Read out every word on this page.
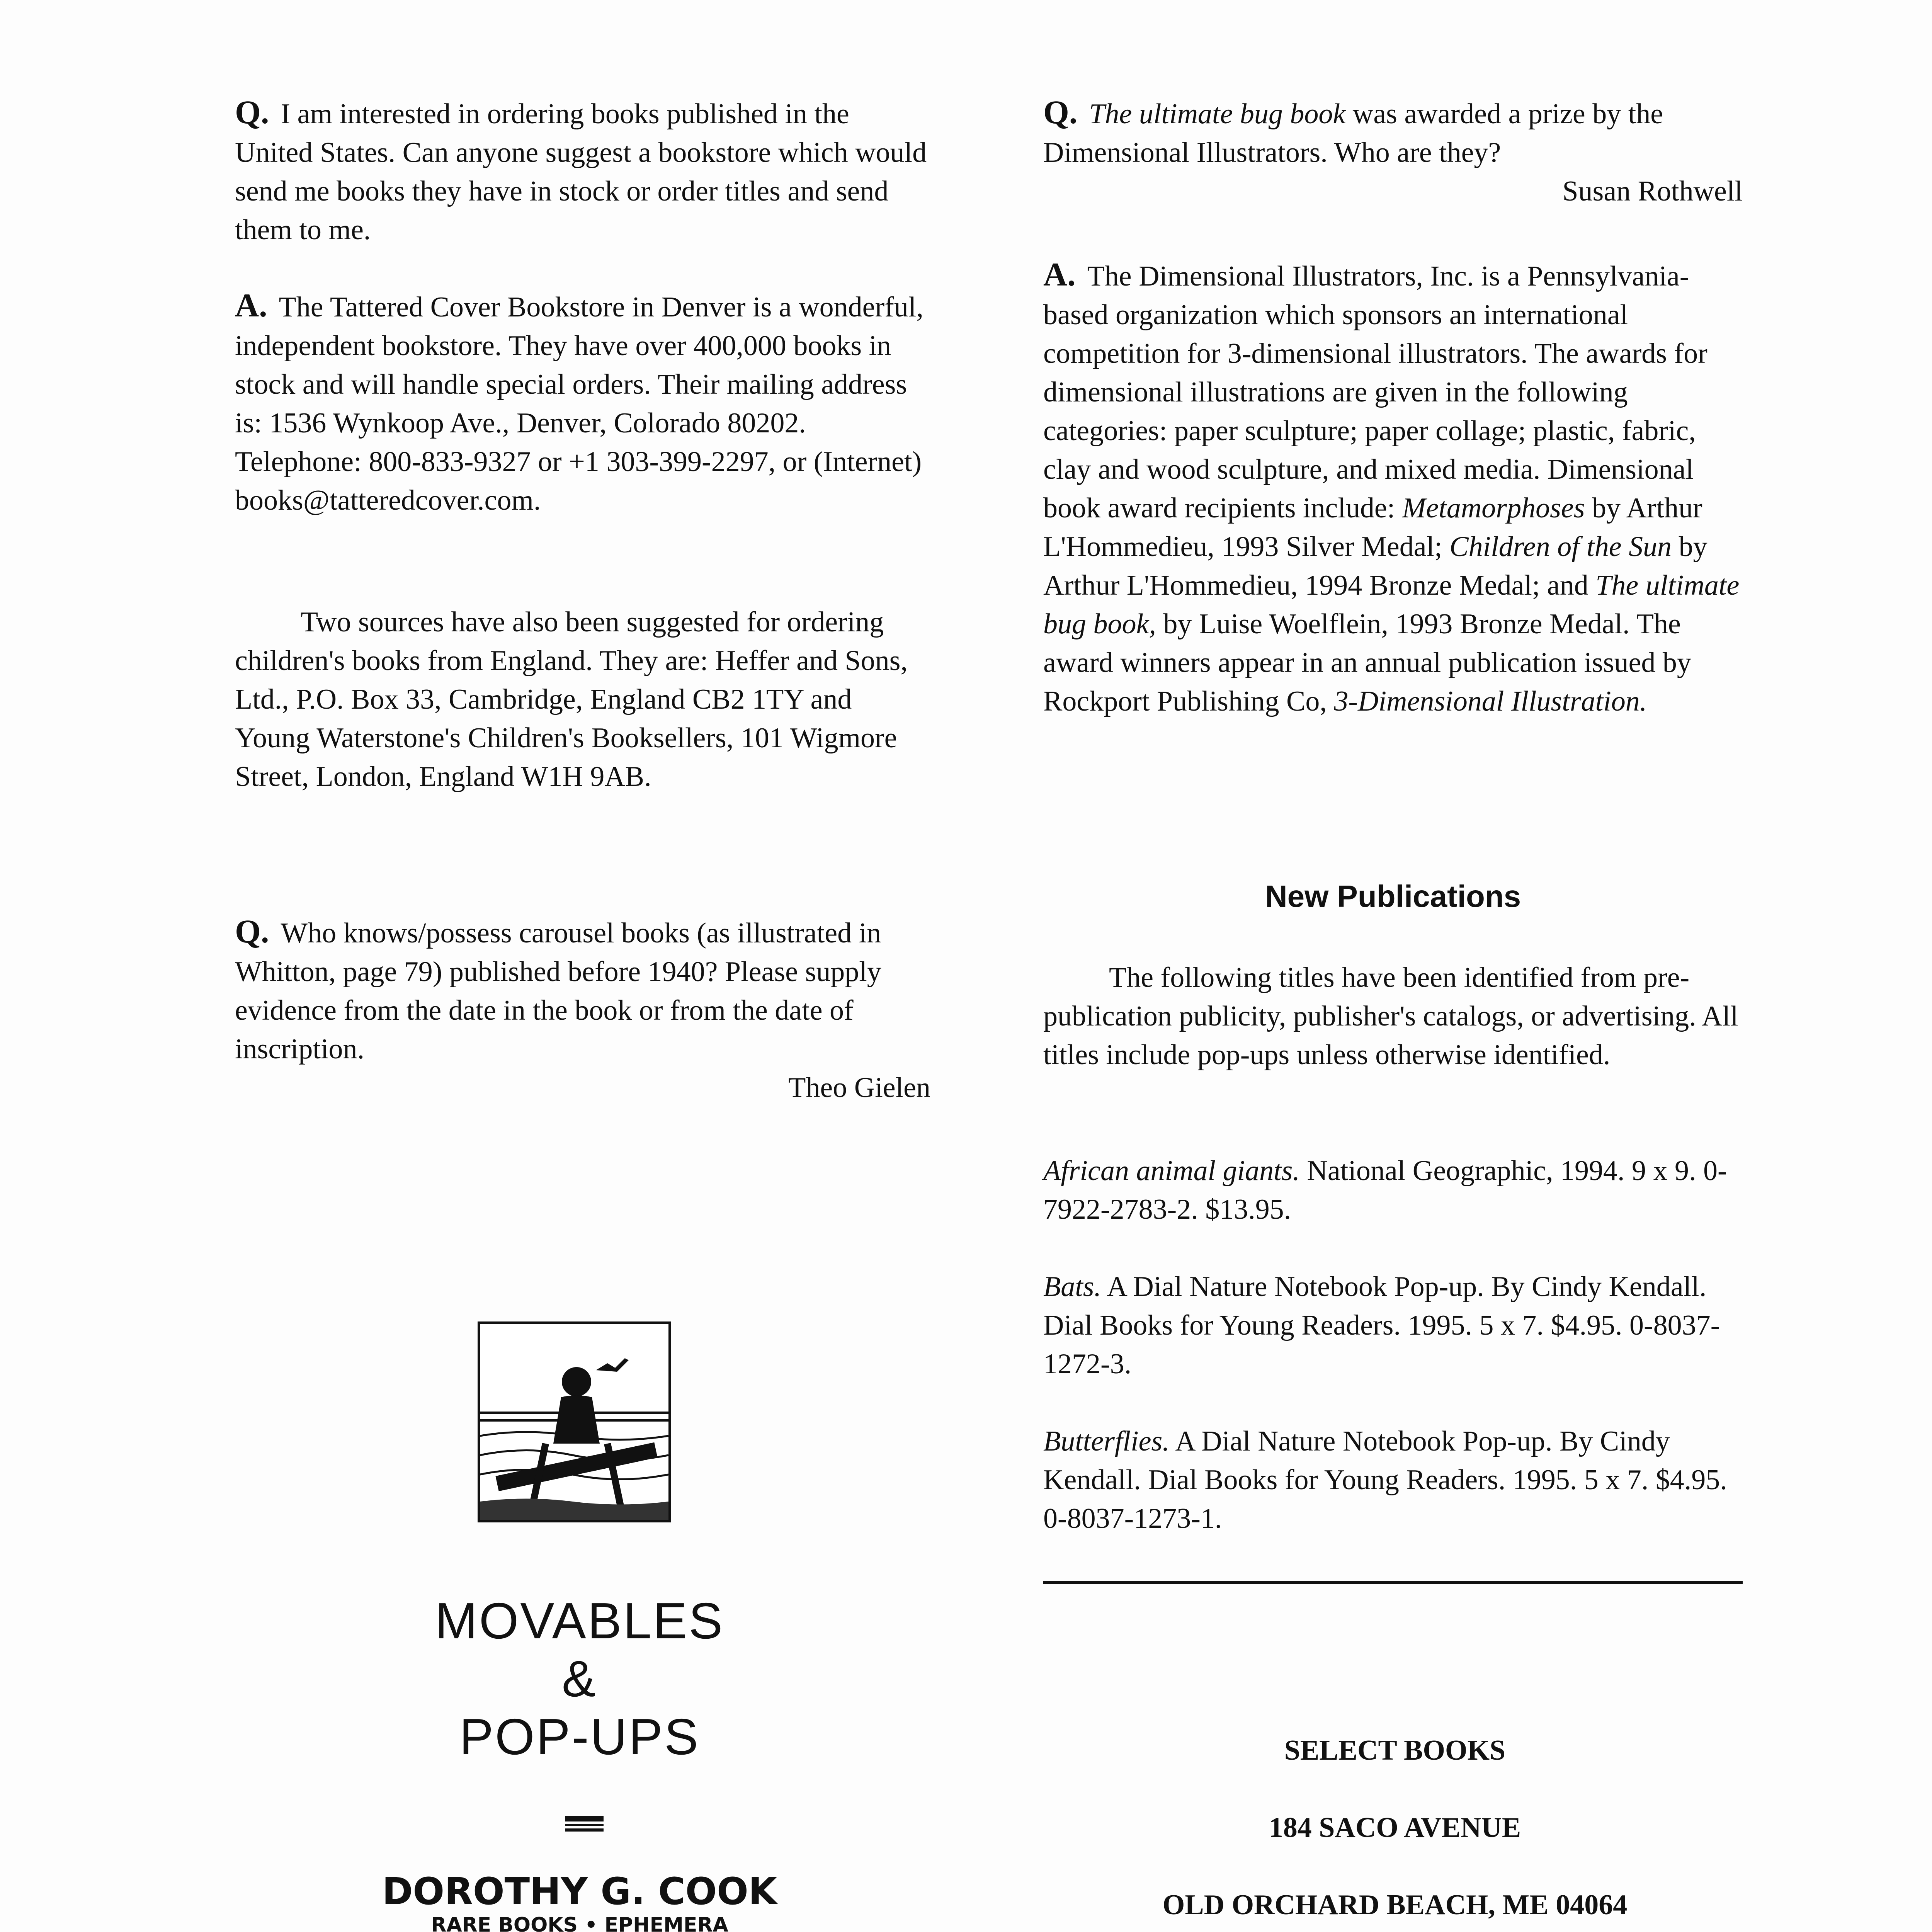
Q. I am interested in ordering books published in the United States. Can anyone suggest a bookstore which would send me books they have in stock or order titles and send them to me.

A. The Tattered Cover Bookstore in Denver is a wonderful, independent bookstore. They have over 400,000 books in stock and will handle special orders. Their mailing address is: 1536 Wynkoop Ave., Denver, Colorado 80202. Telephone: 800-833-9327 or +1 303-399-2297, or (Internet) books@tatteredcover.com.

Two sources have also been suggested for ordering children's books from England. They are: Heffer and Sons, Ltd., P.O. Box 33, Cambridge, England CB2 1TY and Young Waterstone's Children's Booksellers, 101 Wigmore Street, London, England W1H 9AB.

Q. Who knows/possess carousel books (as illustrated in Whitton, page 79) published before 1940? Please supply evidence from the date in the book or from the date of inscription.

Theo Gielen

MOVABLES
&
POP-UPS
DOROTHY G. COOK
RARE BOOKS • EPHEMERA

Q. The ultimate bug book was awarded a prize by the Dimensional Illustrators. Who are they?

Susan Rothwell

A. The Dimensional Illustrators, Inc. is a Pennsylvania-based organization which sponsors an international competition for 3-dimensional illustrators. The awards for dimensional illustrations are given in the following categories: paper sculpture; paper collage; plastic, fabric, clay and wood sculpture, and mixed media. Dimensional book award recipients include: Metamorphoses by Arthur L'Hommedieu, 1993 Silver Medal; Children of the Sun by Arthur L'Hommedieu, 1994 Bronze Medal; and The ultimate bug book, by Luise Woelflein, 1993 Bronze Medal. The award winners appear in an annual publication issued by Rockport Publishing Co, 3-Dimensional Illustration.

New Publications

The following titles have been identified from pre-publication publicity, publisher's catalogs, or advertising. All titles include pop-ups unless otherwise identified.

African animal giants. National Geographic, 1994. 9 x 9. 0-7922-2783-2. $13.95.

Bats. A Dial Nature Notebook Pop-up. By Cindy Kendall. Dial Books for Young Readers. 1995. 5 x 7. $4.95. 0-8037-1272-3.

Butterflies. A Dial Nature Notebook Pop-up. By Cindy Kendall. Dial Books for Young Readers. 1995. 5 x 7. $4.95. 0-8037-1273-1.

SELECT BOOKS
184 SACO AVENUE
OLD ORCHARD BEACH, ME 04064
